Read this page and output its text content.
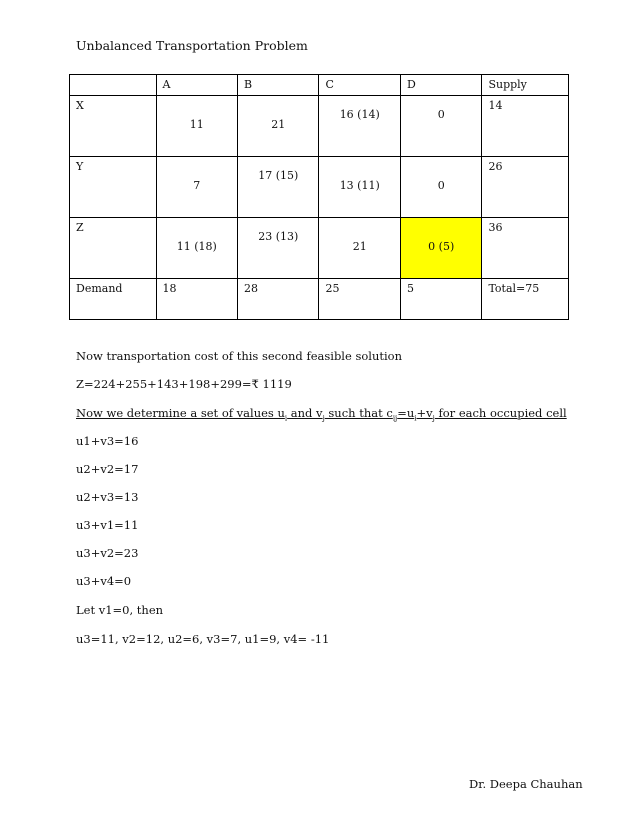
Unbalanced Transportation Problem

	A	B	C	D	Supply

X	11	21	16 (14)	0	14

Y	7	17 (15)	13 (11)	0	26

Z	11 (18)	23 (13)	21	0 (5)	36

Demand	18	28	25	5	Total=75
Now transportation cost of this second feasible solution
Z=224+255+143+198+299=₹ 1119
Now we determine a set of values $u_i$ and $v_j$ such that $c_{ij}=u_i+v_j$ for each occupied cell
u1+v3=16
u2+v2=17
u2+v3=13
u3+v1=11
u3+v2=23
u3+v4=0
Let v1=0, then
u3=11, v2=12, u2=6, v3=7, u1=9, v4= -11
Dr. Deepa Chauhan
